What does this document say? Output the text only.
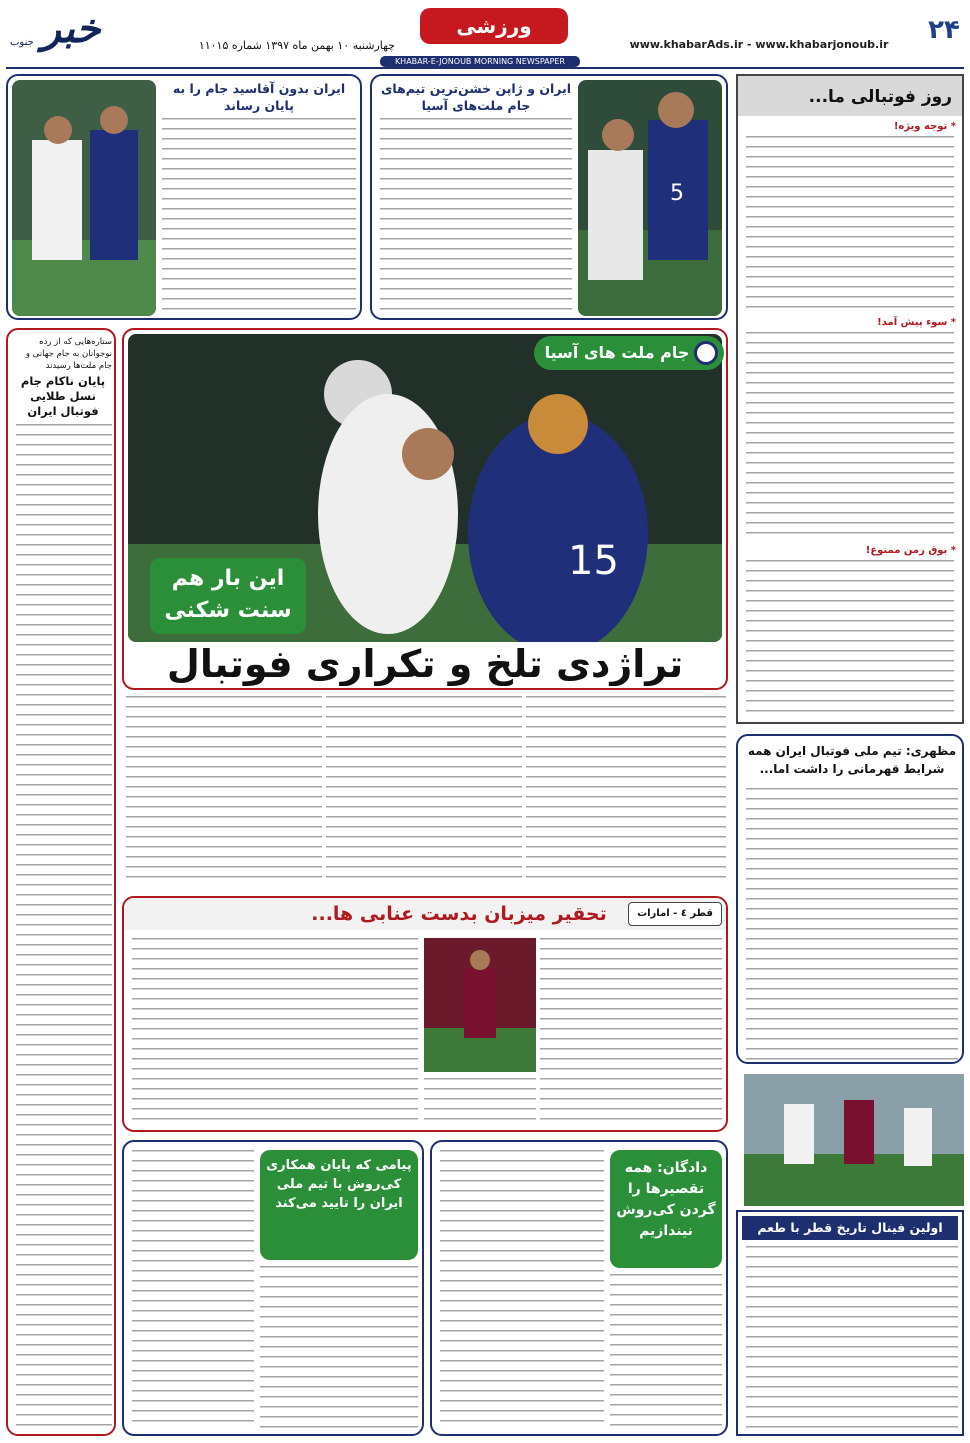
۲۴
www.khabarAds.ir - www.khabarjonoub.ir
ورزشی
چهارشنبه ۱۰ بهمن ماه ۱۳۹۷ شماره ۱۱۰۱۵
خبر
جنوب
KHABAR-E-JONOUB MORNING NEWSPAPER
روز فوتبالی ما...
* توجه ویژه!
* سوء پیش آمد!
* بوق زمن ممنوع!
ایران و ژاپن خشن‌ترین تیم‌های جام ملت‌های آسیا
5
ایران بدون آقاسید جام را به پایان رساند
ستاره‌هایی که از رده نوجوانان به جام جهانی و جام ملت‌ها رسیدند
پایان ناکام جام نسل طلایی فوتبال ایران
15
جام ملت های آسیا
این بار هم
سنت شکنی
تراژدی تلخ و تکراری فوتبال
قطر ٤ - امارات
تحقیر میزبان بدست عنابی ها...
مظهری: تیم ملی فوتبال ایران همه شرایط قهرمانی را داشت اما...
اولین فینال تاریخ قطر با طعم
دادگان: همه تقصیرها را گردن کی‌روش نیندازیم
پیامی که پایان همکاری کی‌روش با تیم ملی ایران را تایید می‌کند
